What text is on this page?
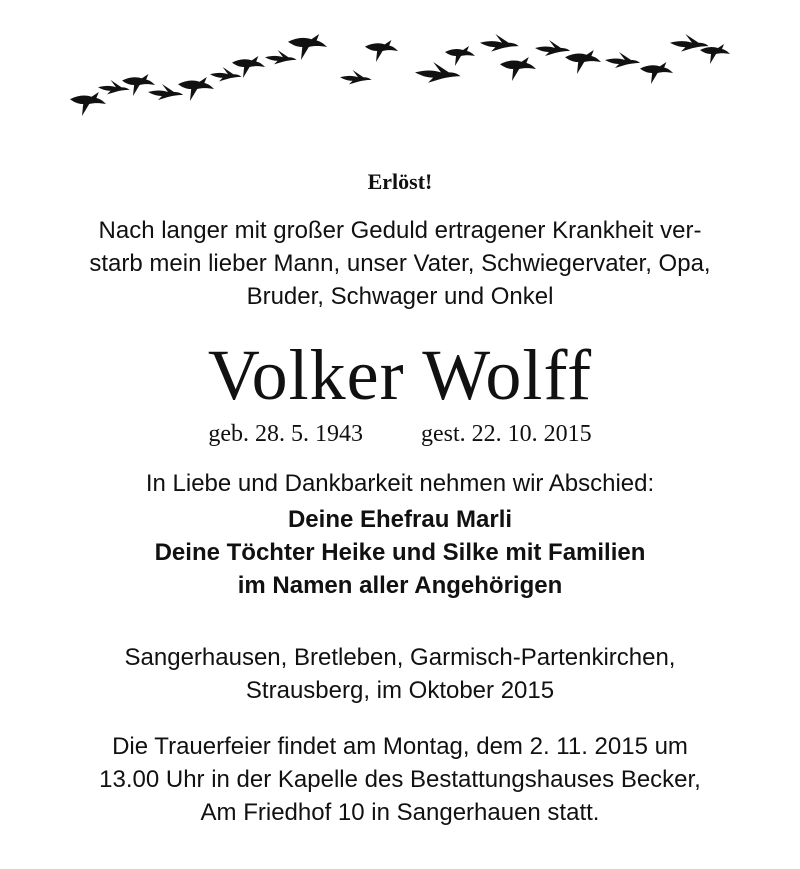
Erlöst!
Nach langer mit großer Geduld ertragener Krankheit ver-
starb mein lieber Mann, unser Vater, Schwiegervater, Opa,
Bruder, Schwager und Onkel
Volker Wolff
geb. 28. 5. 1943 gest. 22. 10. 2015
In Liebe und Dankbarkeit nehmen wir Abschied:
Deine Ehefrau Marli
Deine Töchter Heike und Silke mit Familien
im Namen aller Angehörigen
Sangerhausen, Bretleben, Garmisch-Partenkirchen,
Strausberg, im Oktober 2015
Die Trauerfeier findet am Montag, dem 2. 11. 2015 um
13.00 Uhr in der Kapelle des Bestattungshauses Becker,
Am Friedhof 10 in Sangerhauen statt.
